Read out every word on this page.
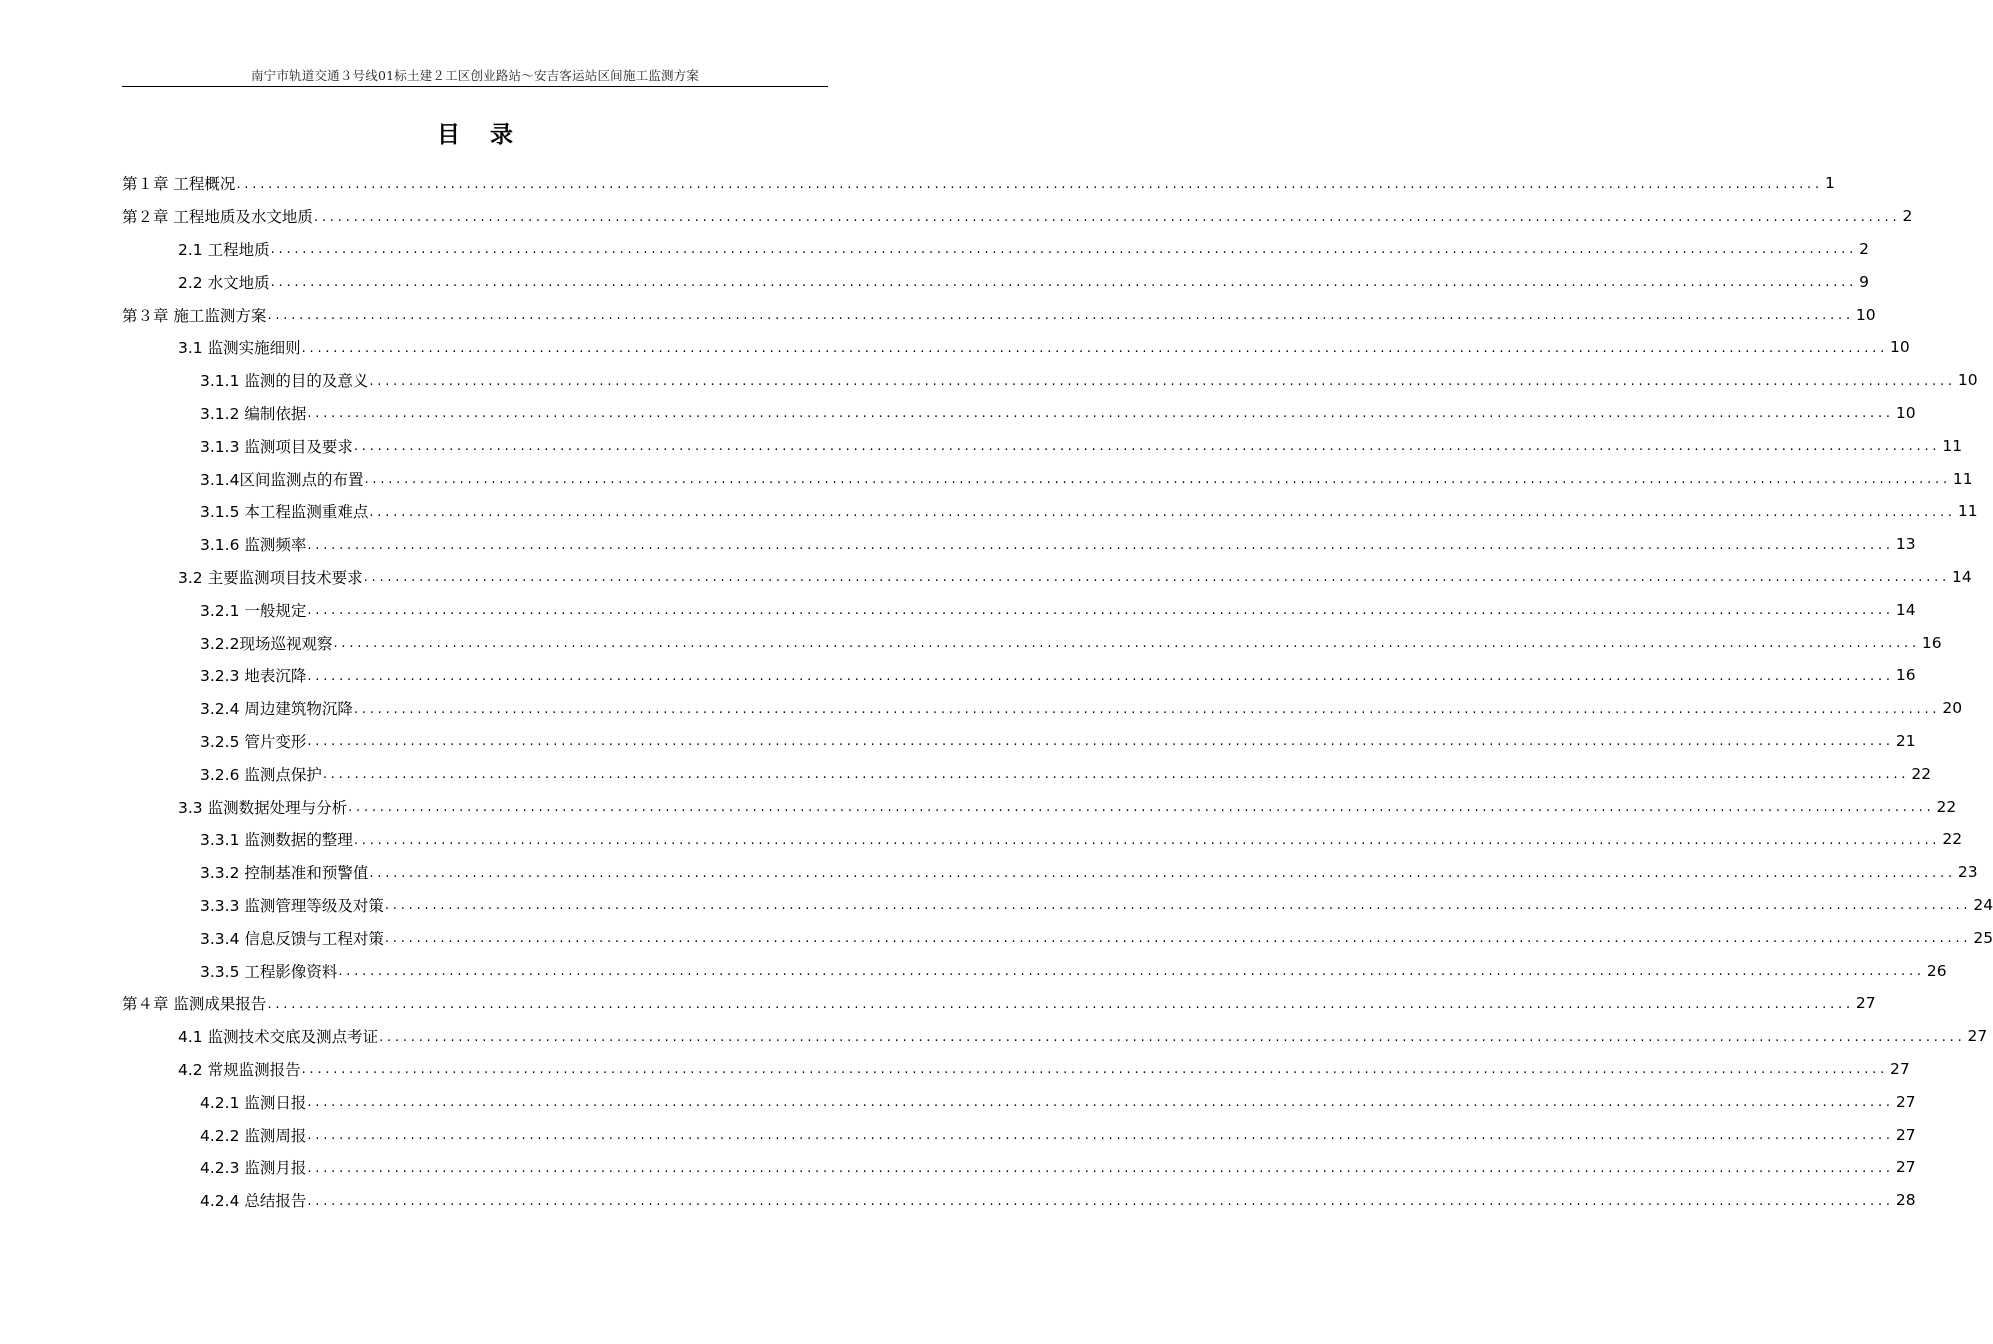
南宁市轨道交通３号线01标土建２工区创业路站～安吉客运站区间施工监测方案
目录
第１章 工程概况 ........................................................................................................................................................................................................ 1
第２章 工程地质及水文地质 ........................................................................................................................................................................................................ 2
2.1 工程地质 ........................................................................................................................................................................................................ 2
2.2 水文地质 ........................................................................................................................................................................................................ 9
第３章 施工监测方案 ........................................................................................................................................................................................................ 10
3.1 监测实施细则 ........................................................................................................................................................................................................ 10
3.1.1 监测的目的及意义 ........................................................................................................................................................................................................ 10
3.1.2 编制依据 ........................................................................................................................................................................................................ 10
3.1.3 监测项目及要求 ........................................................................................................................................................................................................ 11
3.1.4区间监测点的布置 ........................................................................................................................................................................................................ 11
3.1.5 本工程监测重难点 ........................................................................................................................................................................................................ 11
3.1.6 监测频率 ........................................................................................................................................................................................................ 13
3.2 主要监测项目技术要求 ........................................................................................................................................................................................................ 14
3.2.1 一般规定 ........................................................................................................................................................................................................ 14
3.2.2现场巡视观察 ........................................................................................................................................................................................................ 16
3.2.3 地表沉降 ........................................................................................................................................................................................................ 16
3.2.4 周边建筑物沉降 ........................................................................................................................................................................................................ 20
3.2.5 管片变形 ........................................................................................................................................................................................................ 21
3.2.6 监测点保护 ........................................................................................................................................................................................................ 22
3.3 监测数据处理与分析 ........................................................................................................................................................................................................ 22
3.3.1 监测数据的整理 ........................................................................................................................................................................................................ 22
3.3.2 控制基准和预警值 ........................................................................................................................................................................................................ 23
3.3.3 监测管理等级及对策 ........................................................................................................................................................................................................ 24
3.3.4 信息反馈与工程对策 ........................................................................................................................................................................................................ 25
3.3.5 工程影像资料 ........................................................................................................................................................................................................ 26
第４章 监测成果报告 ........................................................................................................................................................................................................ 27
4.1 监测技术交底及测点考证 ........................................................................................................................................................................................................ 27
4.2 常规监测报告 ........................................................................................................................................................................................................ 27
4.2.1 监测日报 ........................................................................................................................................................................................................ 27
4.2.2 监测周报 ........................................................................................................................................................................................................ 27
4.2.3 监测月报 ........................................................................................................................................................................................................ 27
4.2.4 总结报告 ........................................................................................................................................................................................................ 28
